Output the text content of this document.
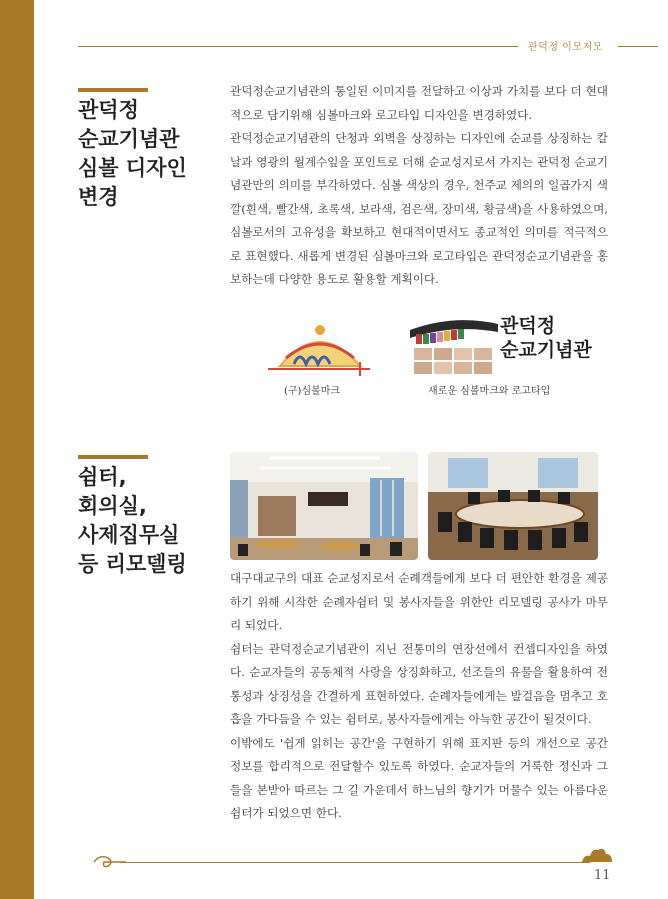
관덕정 이모저모
관덕정
순교기념관
심볼 디자인
변경

관덕정순교기념관의 통일된 이미지를 전달하고 이상과 가치를 보다 더 현대적으로 담기위해 심볼마크와 로고타입 디자인을 변경하였다.

관덕정순교기념관의 단청과 외벽을 상징하는 디자인에 순교를 상징하는 칼날과 영광의 월계수잎을 포인트로 더해 순교성지로서 가지는 관덕정 순교기념관만의 의미를 부각하였다. 심볼 색상의 경우, 천주교 제의의 일곱가지 색깔(흰색, 빨간색, 초록색, 보라색, 검은색, 장미색, 황금색)을 사용하였으며, 심볼로서의 고유성을 확보하고 현대적이면서도 종교적인 의미를 적극적으로 표현했다. 새롭게 변경된 심볼마크와 로고타입은 관덕정순교기념관을 홍보하는데 다양한 용도로 활용할 계획이다.

(구)심볼마크
관덕정
순교기념관
새로운 심볼마크와 로고타입
쉼터,
회의실,
사제집무실
등 리모델링

대구대교구의 대표 순교성지로서 순례객들에게 보다 더 편안한 환경을 제공하기 위해 시작한 순례자쉼터 및 봉사자들을 위한안 리모델링 공사가 마무리 되었다.

쉼터는 관덕정순교기념관이 지닌 전통미의 연장선에서 컨셉디자인을 하였다. 순교자들의 공동체적 사랑을 상징화하고, 선조들의 유물을 활용하여 전통성과 상징성을 간결하게 표현하였다. 순례자들에게는 발걸음을 멈추고 호흡을 가다듬을 수 있는 쉼터로, 봉사자들에게는 아늑한 공간이 될것이다.

이밖에도 '쉽게 읽히는 공간'을 구현하기 위해 표지판 등의 개선으로 공간 정보를 합리적으로 전달할수 있도록 하였다. 순교자들의 거룩한 정신과 그들을 본받아 따르는 그 길 가운데서 하느님의 향기가 머물수 있는 아름다운 쉼터가 되었으면 한다.

11
